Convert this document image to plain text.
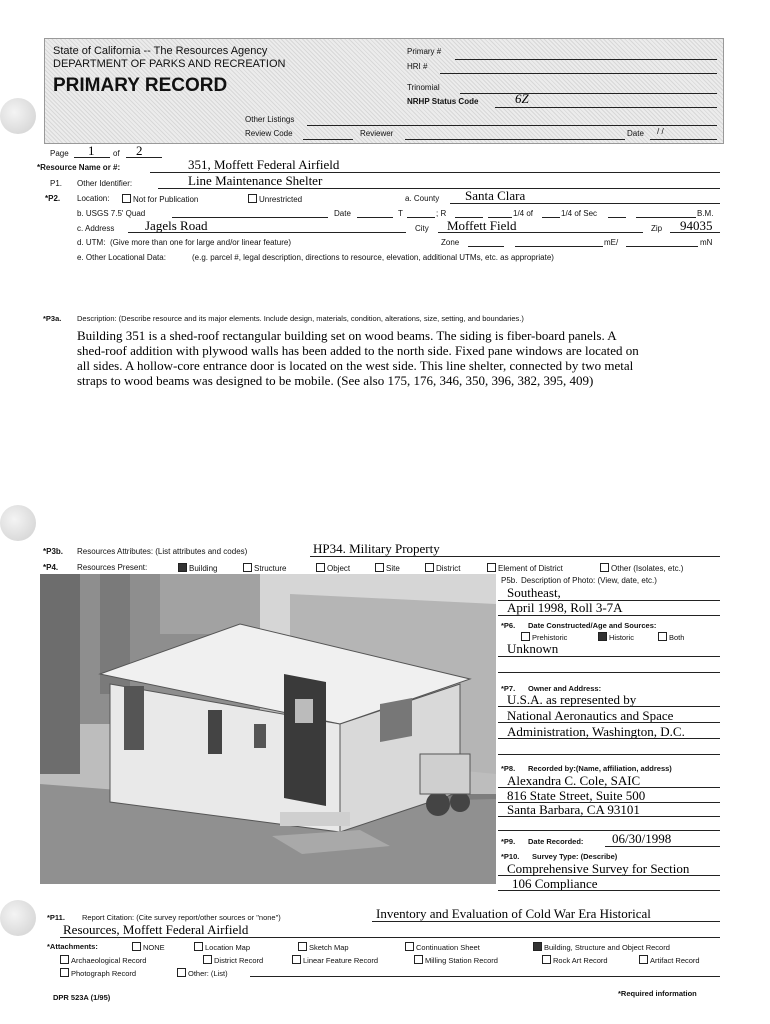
State of California -- The Resources Agency
DEPARTMENT OF PARKS AND RECREATION
PRIMARY RECORD
Primary #
HRI #
Trinomial
NRHP Status Code	6Z
Other Listings
Review Code	Reviewer	Date / /
Page 1 of 2
*Resource Name or #:	351, Moffett Federal Airfield
P1. Other Identifier:	Line Maintenance Shelter
*P2. Location:	Not for Publication	Unrestricted	a. County Santa Clara
b. USGS 7.5' Quad	Date	T	; R	1/4 of	1/4 of Sec	B.M.
c. Address Jagels Road	City Moffett Field	Zip 94035
d. UTM: (Give more than one for large and/or linear feature)	Zone	mE/	mN
e. Other Locational Data:	(e.g. parcel #, legal description, directions to resource, elevation, additional UTMs, etc. as appropriate)
*P3a. Description: (Describe resource and its major elements. Include design, materials, condition, alterations, size, setting, and boundaries.)
Building 351 is a shed-roof rectangular building set on wood beams. The siding is fiber-board panels. A
shed-roof addition with plywood walls has been added to the north side. Fixed pane windows are located on
all sides. A hollow-core entrance door is located on the west side. This line shelter, connected by two metal
straps to wood beams was designed to be mobile. (See also 175, 176, 346, 350, 396, 382, 395, 409)
*P3b. Resources Attributes: (List attributes and codes)	HP34. Military Property
*P4. Resources Present:	Building	Structure	Object	Site	District	Element of District	Other (Isolates, etc.)
P5b. Description of Photo: (View, date, etc.)
Southeast,
April 1998, Roll 3-7A
*P6. Date Constructed/Age and Sources:
Prehistoric	Historic	Both
Unknown
*P7. Owner and Address:
U.S.A. as represented by
National Aeronautics and Space
Administration, Washington, D.C.
*P8. Recorded by:(Name, affiliation, address)
Alexandra C. Cole, SAIC
816 State Street, Suite 500
Santa Barbara, CA 93101
*P9. Date Recorded: 06/30/1998
*P10. Survey Type: (Describe)
Comprehensive Survey for Section
106 Compliance
*P11. Report Citation: (Cite survey report/other sources or "none")	Inventory and Evaluation of Cold War Era Historical
Resources, Moffett Federal Airfield
*Attachments:	NONE	Location Map	Sketch Map	Continuation Sheet	Building, Structure and Object Record
Archaeological Record	District Record	Linear Feature Record	Milling Station Record	Rock Art Record	Artifact Record
Photograph Record	Other: (List)
DPR 523A (1/95)	*Required information
